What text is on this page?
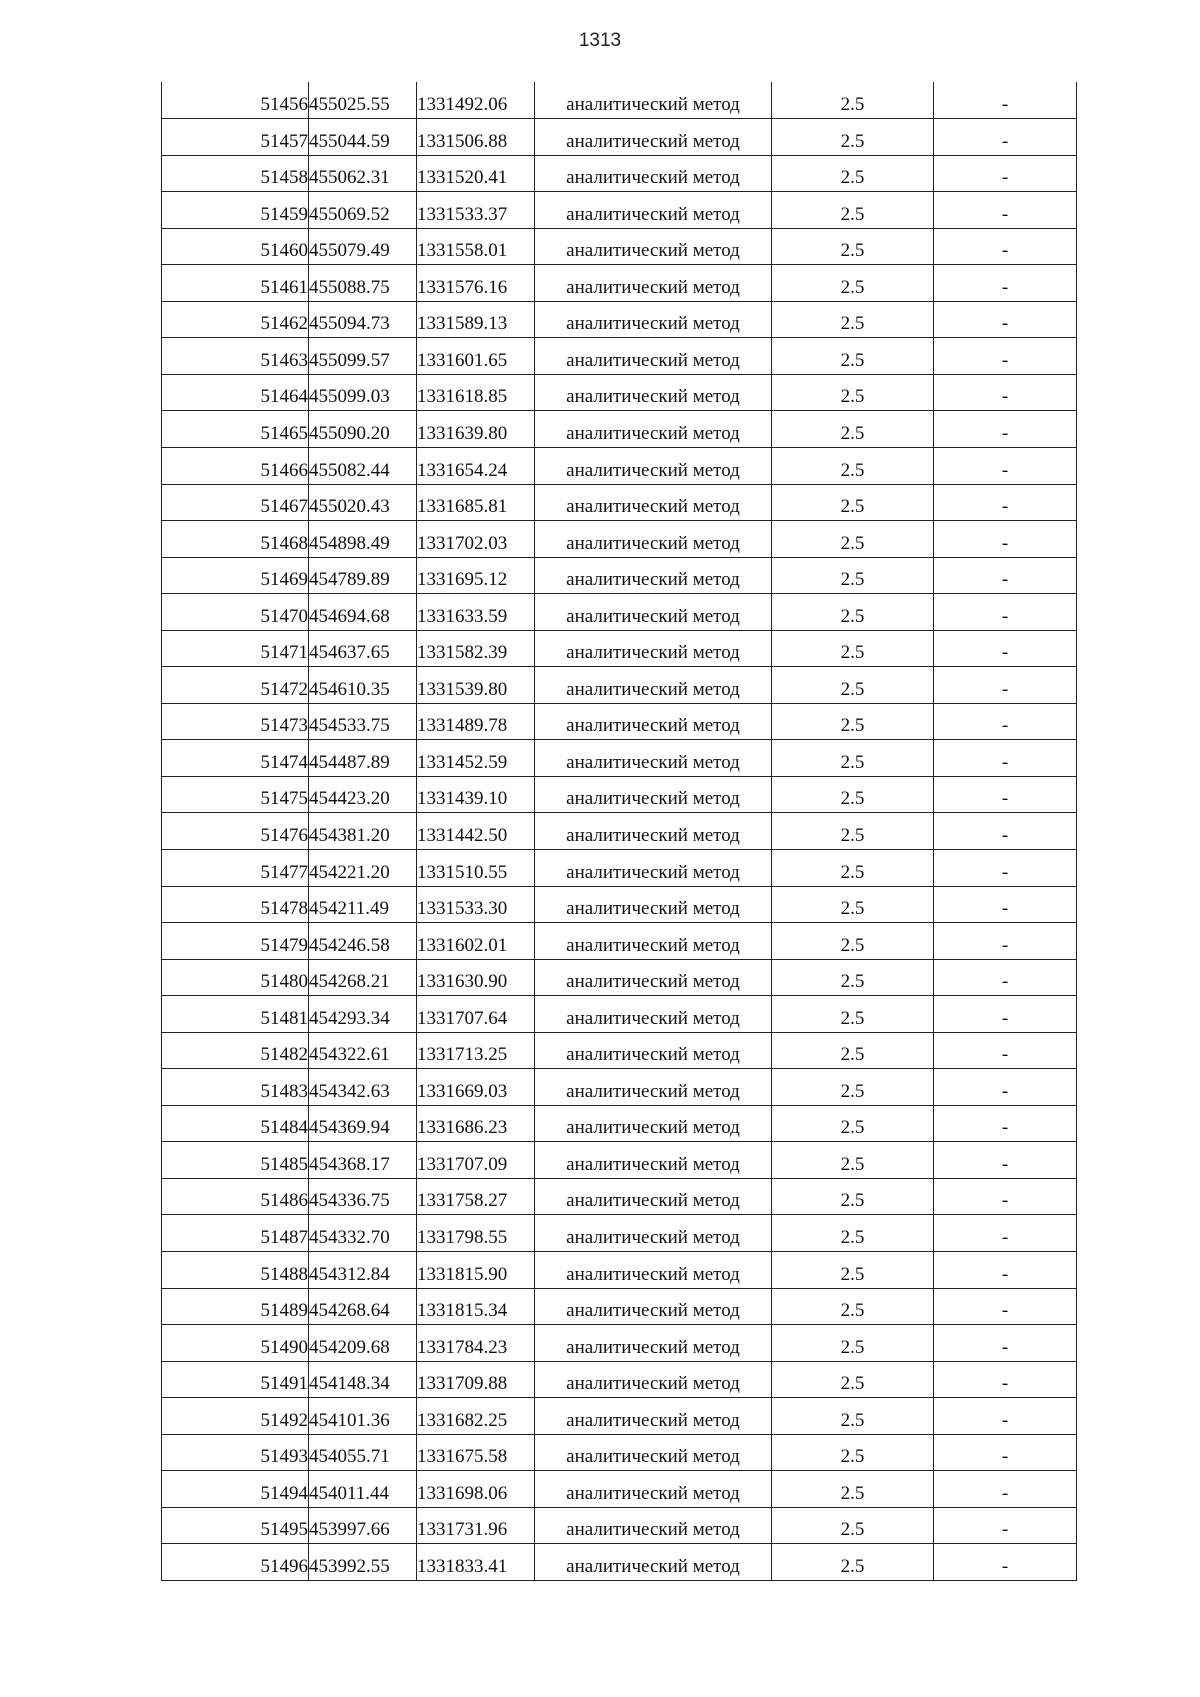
1313
51456	455025.55	1331492.06	аналитический метод	2.5	-
51457	455044.59	1331506.88	аналитический метод	2.5	-
51458	455062.31	1331520.41	аналитический метод	2.5	-
51459	455069.52	1331533.37	аналитический метод	2.5	-
51460	455079.49	1331558.01	аналитический метод	2.5	-
51461	455088.75	1331576.16	аналитический метод	2.5	-
51462	455094.73	1331589.13	аналитический метод	2.5	-
51463	455099.57	1331601.65	аналитический метод	2.5	-
51464	455099.03	1331618.85	аналитический метод	2.5	-
51465	455090.20	1331639.80	аналитический метод	2.5	-
51466	455082.44	1331654.24	аналитический метод	2.5	-
51467	455020.43	1331685.81	аналитический метод	2.5	-
51468	454898.49	1331702.03	аналитический метод	2.5	-
51469	454789.89	1331695.12	аналитический метод	2.5	-
51470	454694.68	1331633.59	аналитический метод	2.5	-
51471	454637.65	1331582.39	аналитический метод	2.5	-
51472	454610.35	1331539.80	аналитический метод	2.5	-
51473	454533.75	1331489.78	аналитический метод	2.5	-
51474	454487.89	1331452.59	аналитический метод	2.5	-
51475	454423.20	1331439.10	аналитический метод	2.5	-
51476	454381.20	1331442.50	аналитический метод	2.5	-
51477	454221.20	1331510.55	аналитический метод	2.5	-
51478	454211.49	1331533.30	аналитический метод	2.5	-
51479	454246.58	1331602.01	аналитический метод	2.5	-
51480	454268.21	1331630.90	аналитический метод	2.5	-
51481	454293.34	1331707.64	аналитический метод	2.5	-
51482	454322.61	1331713.25	аналитический метод	2.5	-
51483	454342.63	1331669.03	аналитический метод	2.5	-
51484	454369.94	1331686.23	аналитический метод	2.5	-
51485	454368.17	1331707.09	аналитический метод	2.5	-
51486	454336.75	1331758.27	аналитический метод	2.5	-
51487	454332.70	1331798.55	аналитический метод	2.5	-
51488	454312.84	1331815.90	аналитический метод	2.5	-
51489	454268.64	1331815.34	аналитический метод	2.5	-
51490	454209.68	1331784.23	аналитический метод	2.5	-
51491	454148.34	1331709.88	аналитический метод	2.5	-
51492	454101.36	1331682.25	аналитический метод	2.5	-
51493	454055.71	1331675.58	аналитический метод	2.5	-
51494	454011.44	1331698.06	аналитический метод	2.5	-
51495	453997.66	1331731.96	аналитический метод	2.5	-
51496	453992.55	1331833.41	аналитический метод	2.5	-
